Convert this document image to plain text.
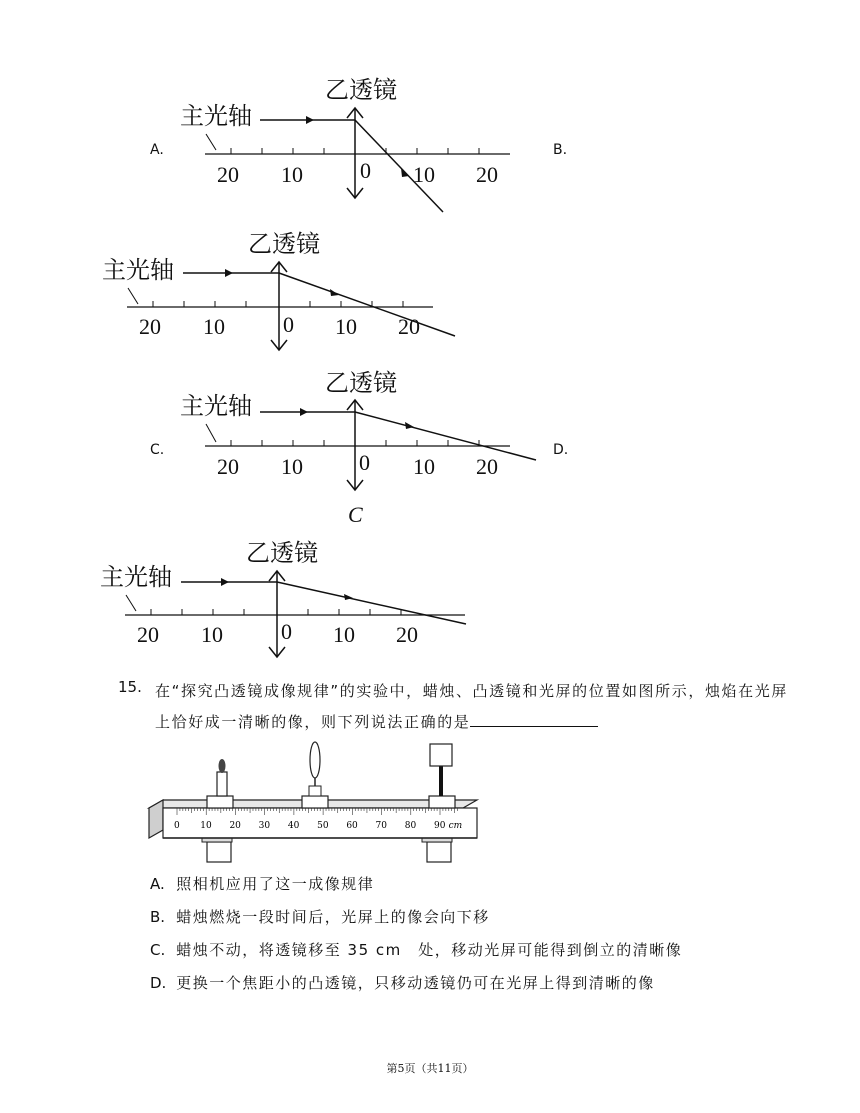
乙透镜
主光轴
20 10	0 10 20
A.	B.
乙透镜
主光轴
20 10	0 10 20
乙透镜
主光轴
20 10	0 10 20
C.	D.
C
乙透镜
主光轴
20 10	0 10 20
15. 在“探究凸透镜成像规律”的实验中，蜡烛、凸透镜和光屏的位置如图所示，烛焰在光屏上恰好成一清晰的像，则下列说法正确的是
0 10 20 30 40 50 60 70 80 90 cm
A. 照相机应用了这一成像规律
B. 蜡烛燃烧一段时间后，光屏上的像会向下移
C. 蜡烛不动，将透镜移至 35 cm　处，移动光屏可能得到倒立的清晰像
D. 更换一个焦距小的凸透镜，只移动透镜仍可在光屏上得到清晰的像
第5页（共11页）
